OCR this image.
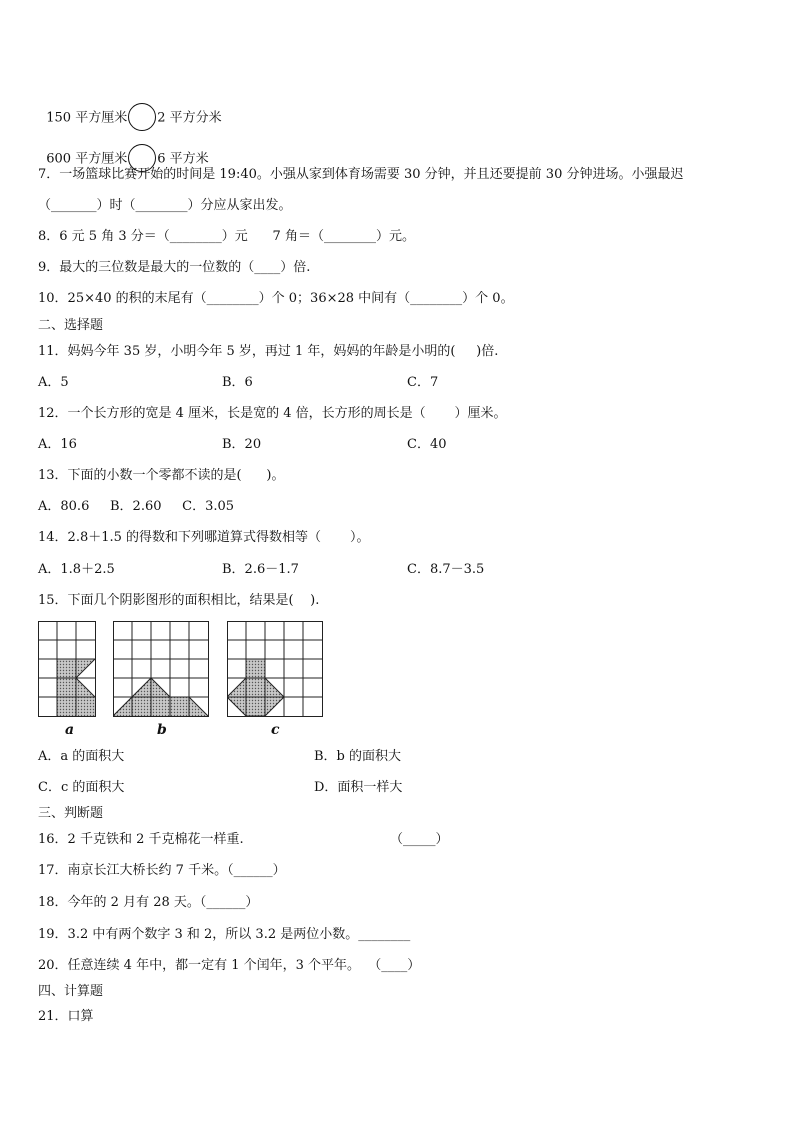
150 平方厘米 2 平方分米

600 平方厘米 6 平方米

7．一场篮球比赛开始的时间是 19:40。小强从家到体育场需要 30 分钟，并且还要提前 30 分钟进场。小强最迟
（_______）时（________）分应从家出发。
8．6 元 5 角 3 分＝（________）元      7 角＝（________）元。
9．最大的三位数是最大的一位数的（____）倍.
10．25×40 的积的末尾有（________）个 0；36×28 中间有（________）个 0。
二、选择题
11．妈妈今年 35 岁，小明今年 5 岁，再过 1 年，妈妈的年龄是小明的(     )倍.
A．5	B．6	C．7
12．一个长方形的宽是 4 厘米，长是宽的 4 倍，长方形的周长是（       ）厘米。
A．16	B．20	C．40
13．下面的小数一个零都不读的是(      )。
A．80.6     B．2.60     C．3.05
14．2.8＋1.5 的得数和下列哪道算式得数相等（       ）。
A．1.8＋2.5	B．2.6－1.7	C．8.7－3.5
15．下面几个阴影图形的面积相比，结果是(    ).
a	b	c
A．a 的面积大	B．b 的面积大
C．c 的面积大	D．面积一样大
三、判断题
16．2 千克铁和 2 千克棉花一样重.	（_____）
17．南京长江大桥长约 7 千米。（______）
18．今年的 2 月有 28 天。（______）
19．3.2 中有两个数字 3 和 2，所以 3.2 是两位小数。________
20．任意连续 4 年中，都一定有 1 个闰年，3 个平年。  （____）
四、计算题
21．口算
